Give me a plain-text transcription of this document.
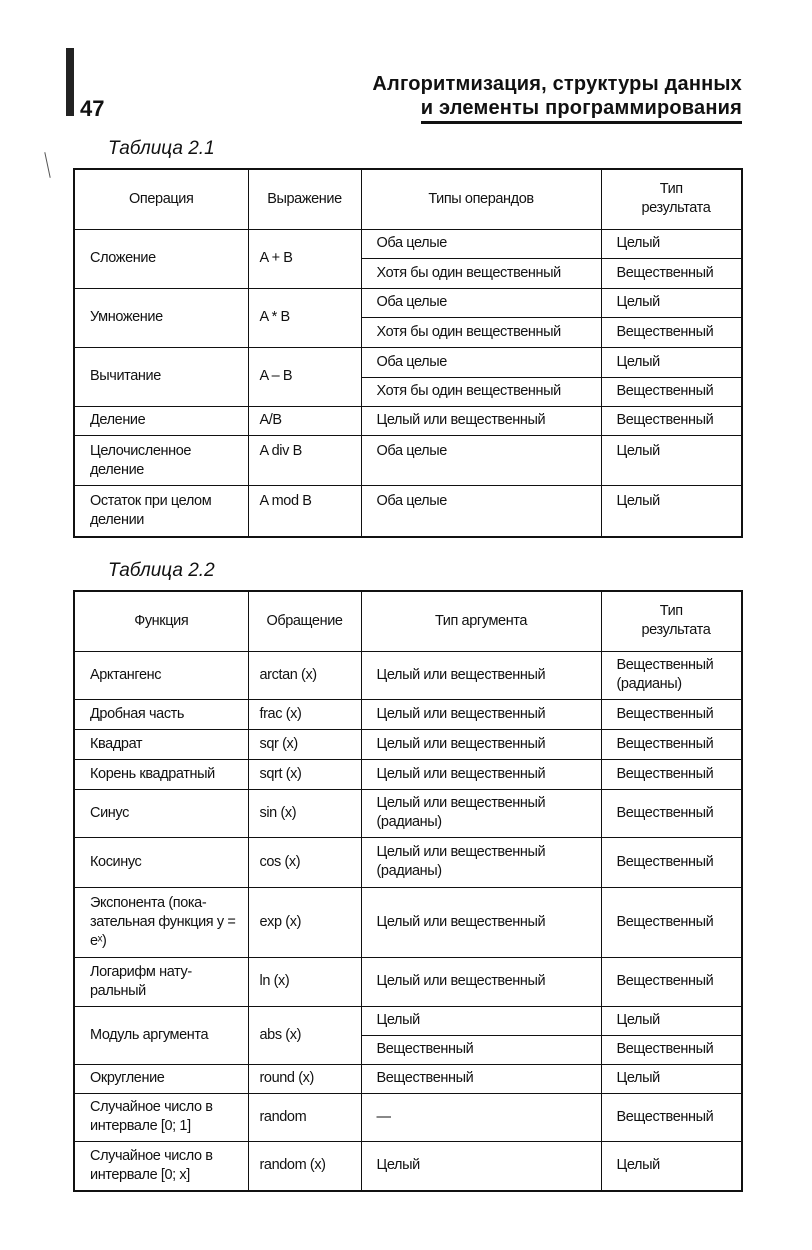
47
Алгоритмизация, структуры данных
и элементы программирования
Таблица 2.1
Операция	Выражение	Типы операндов	Тип результата
Сложение	A + B	Оба целые	Целый
		Хотя бы один вещественный	Вещественный
Умножение	A * B	Оба целые	Целый
		Хотя бы один вещественный	Вещественный
Вычитание	A – B	Оба целые	Целый
		Хотя бы один вещественный	Вещественный
Деление	A/B	Целый или вещественный	Вещественный
Целочисленное деление	A div B	Оба целые	Целый
Остаток при целом делении	A mod B	Оба целые	Целый
Таблица 2.2
Функция	Обращение	Тип аргумента	Тип результата
Арктангенс	arctan (x)	Целый или вещественный	Вещественный (радианы)
Дробная часть	frac (x)	Целый или вещественный	Вещественный
Квадрат	sqr (x)	Целый или вещественный	Вещественный
Корень квадратный	sqrt (x)	Целый или вещественный	Вещественный
Синус	sin (x)	Целый или вещественный (радианы)	Вещественный
Косинус	cos (x)	Целый или вещественный (радианы)	Вещественный
Экспонента (пока-зательная функция y = eˣ)	exp (x)	Целый или вещественный	Вещественный
Логарифм нату-ральный	ln (x)	Целый или вещественный	Вещественный
Модуль аргумента	abs (x)	Целый	Целый
		Вещественный	Вещественный
Округление	round (x)	Вещественный	Целый
Случайное число в интервале [0; 1]	random	—	Вещественный
Случайное число в интервале [0; x]	random (x)	Целый	Целый
